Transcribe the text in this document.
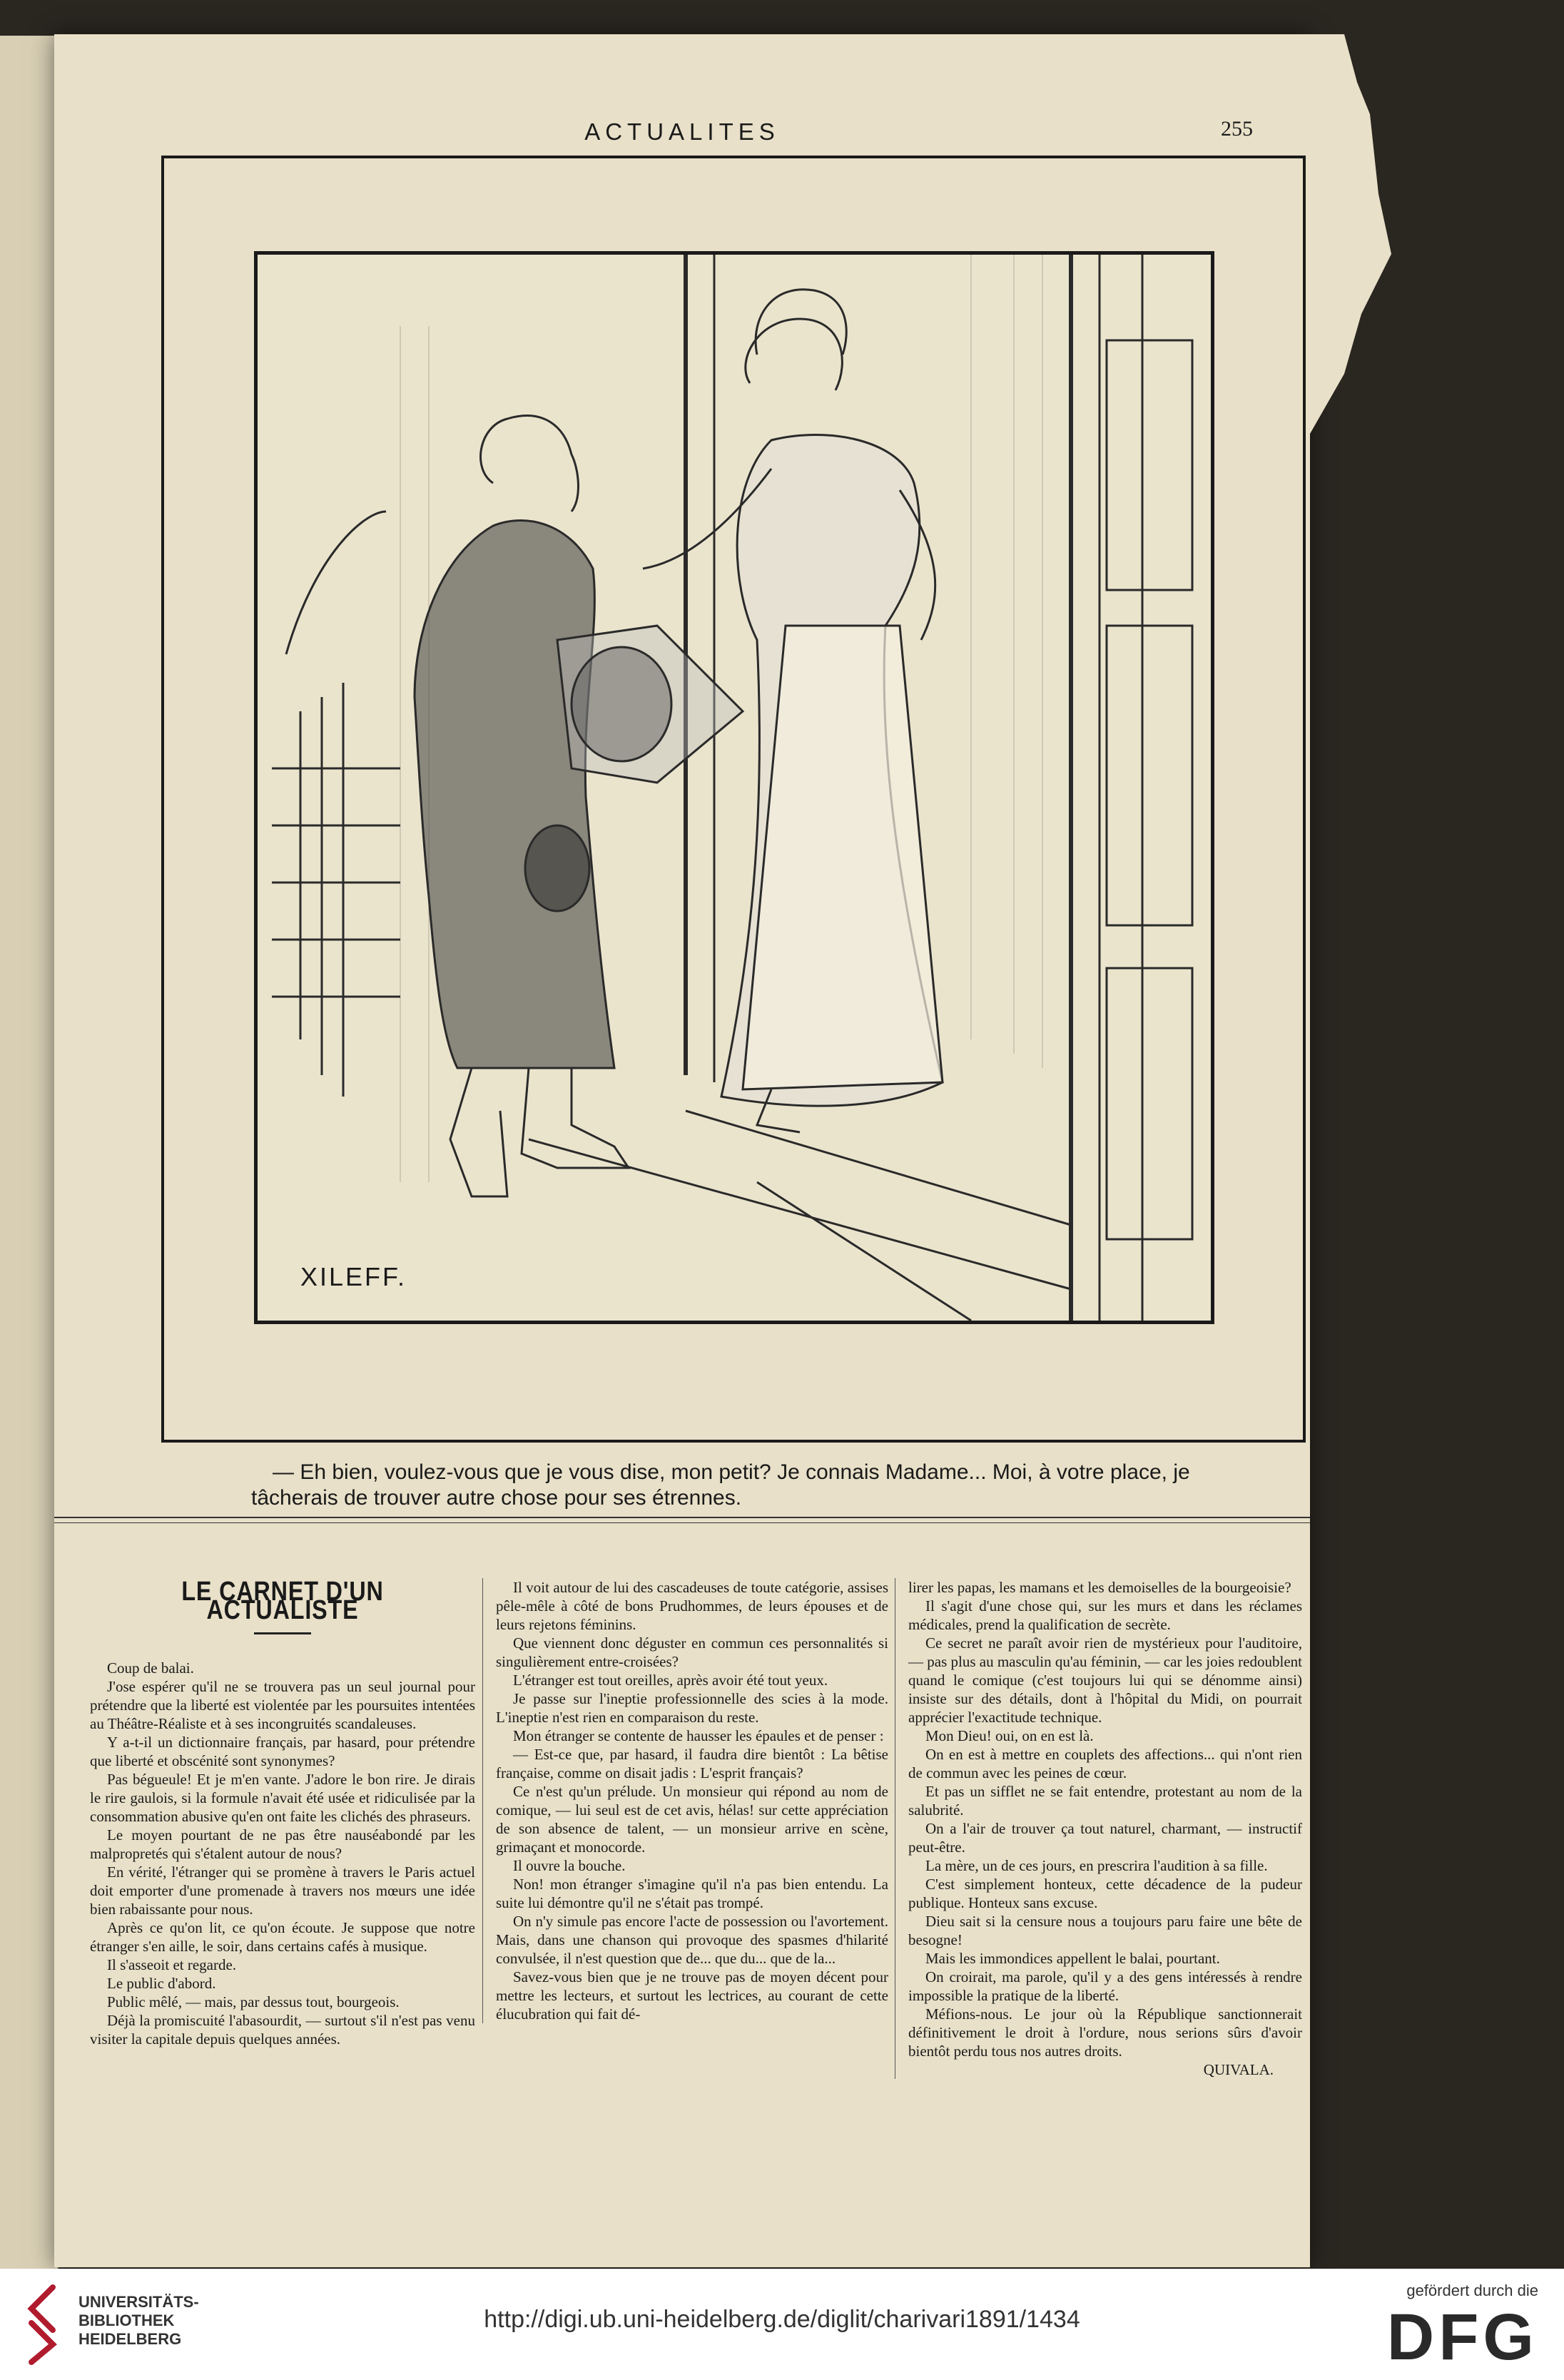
ACTUALITES	255
XILEFF.
— Eh bien, voulez-vous que je vous dise, mon petit? Je connais Madame... Moi, à votre place, je tâcherais de trouver autre chose pour ses étrennes.
LE CARNET D'UN ACTUALISTE

Coup de balai.

J'ose espérer qu'il ne se trouvera pas un seul journal pour prétendre que la liberté est violentée par les poursuites intentées au Théâtre-Réaliste et à ses incongruités scandaleuses.

Y a-t-il un dictionnaire français, par hasard, pour prétendre que liberté et obscénité sont synonymes?

Pas bégueule! Et je m'en vante. J'adore le bon rire. Je dirais le rire gaulois, si la formule n'avait été usée et ridiculisée par la consommation abusive qu'en ont faite les clichés des phraseurs.

Le moyen pourtant de ne pas être nauséabondé par les malpropretés qui s'étalent autour de nous?

En vérité, l'étranger qui se promène à travers le Paris actuel doit emporter d'une promenade à travers nos mœurs une idée bien rabaissante pour nous.

Après ce qu'on lit, ce qu'on écoute. Je suppose que notre étranger s'en aille, le soir, dans certains cafés à musique.

Il s'asseoit et regarde.

Le public d'abord.

Public mêlé, — mais, par dessus tout, bourgeois.

Déjà la promiscuité l'abasourdit, — surtout s'il n'est pas venu visiter la capitale depuis quelques années.

Il voit autour de lui des cascadeuses de toute catégorie, assises pêle-mêle à côté de bons Prudhommes, de leurs épouses et de leurs rejetons féminins.

Que viennent donc déguster en commun ces personnalités si singulièrement entre-croisées?

L'étranger est tout oreilles, après avoir été tout yeux.

Je passe sur l'ineptie professionnelle des scies à la mode. L'ineptie n'est rien en comparaison du reste.

Mon étranger se contente de hausser les épaules et de penser :

— Est-ce que, par hasard, il faudra dire bientôt : La bêtise française, comme on disait jadis : L'esprit français?

Ce n'est qu'un prélude. Un monsieur qui répond au nom de comique, — lui seul est de cet avis, hélas! sur cette appréciation de son absence de talent, — un monsieur arrive en scène, grimaçant et monocorde.

Il ouvre la bouche.

Non! mon étranger s'imagine qu'il n'a pas bien entendu. La suite lui démontre qu'il ne s'était pas trompé.

On n'y simule pas encore l'acte de possession ou l'avortement. Mais, dans une chanson qui provoque des spasmes d'hilarité convulsée, il n'est question que de... que du... que de la...

Savez-vous bien que je ne trouve pas de moyen décent pour mettre les lecteurs, et surtout les lectrices, au courant de cette élucubration qui fait dé-

lirer les papas, les mamans et les demoiselles de la bourgeoisie?

Il s'agit d'une chose qui, sur les murs et dans les réclames médicales, prend la qualification de secrète.

Ce secret ne paraît avoir rien de mystérieux pour l'auditoire, — pas plus au masculin qu'au féminin, — car les joies redoublent quand le comique (c'est toujours lui qui se dénomme ainsi) insiste sur des détails, dont à l'hôpital du Midi, on pourrait apprécier l'exactitude technique.

Mon Dieu! oui, on en est là.

On en est à mettre en couplets des affections... qui n'ont rien de commun avec les peines de cœur.

Et pas un sifflet ne se fait entendre, protestant au nom de la salubrité.

On a l'air de trouver ça tout naturel, charmant, — instructif peut-être.

La mère, un de ces jours, en prescrira l'audition à sa fille.

C'est simplement honteux, cette décadence de la pudeur publique. Honteux sans excuse.

Dieu sait si la censure nous a toujours paru faire une bête de besogne!

Mais les immondices appellent le balai, pourtant.

On croirait, ma parole, qu'il y a des gens intéressés à rendre impossible la pratique de la liberté.

Méfions-nous. Le jour où la République sanctionnerait définitivement le droit à l'ordure, nous serions sûrs d'avoir bientôt perdu tous nos autres droits.

QUIVALA.

UNIVERSITÄTS-
BIBLIOTHEK
HEIDELBERG
http://digi.ub.uni-heidelberg.de/diglit/charivari1891/1434
gefördert durch die
DFG
